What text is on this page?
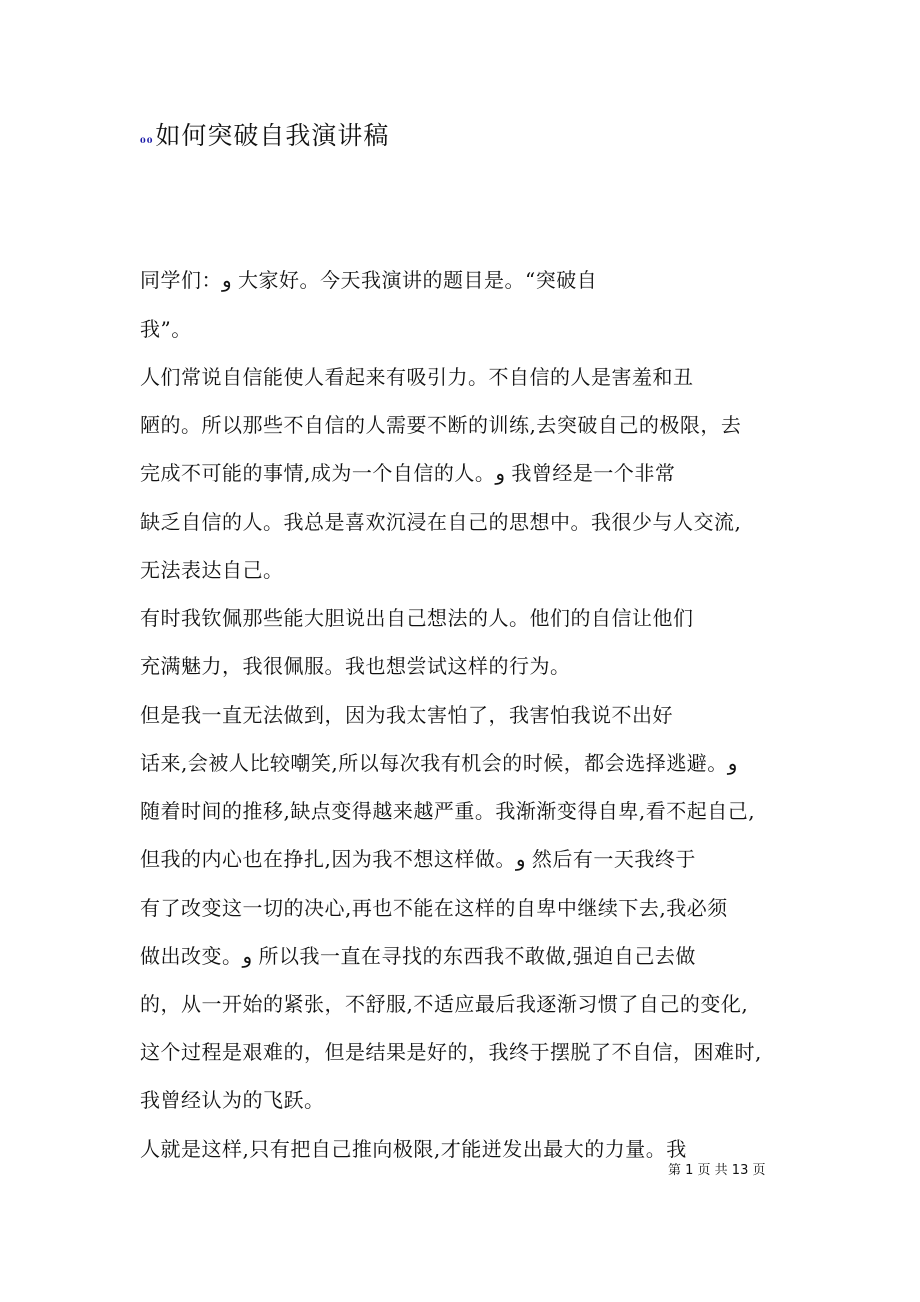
₀₀如何突破自我演讲稿
同学们：و 大家好。今天我演讲的题目是。“突破自
我”。
人们常说自信能使人看起来有吸引力。不自信的人是害羞和丑
陋的。所以那些不自信的人需要不断的训练,去突破自己的极限，去
完成不可能的事情,成为一个自信的人。و 我曾经是一个非常
缺乏自信的人。我总是喜欢沉浸在自己的思想中。我很少与人交流,
无法表达自己。
有时我钦佩那些能大胆说出自己想法的人。他们的自信让他们
充满魅力，我很佩服。我也想尝试这样的行为。
但是我一直无法做到，因为我太害怕了，我害怕我说不出好
话来,会被人比较嘲笑,所以每次我有机会的时候，都会选择逃避。و
随着时间的推移,缺点变得越来越严重。我渐渐变得自卑,看不起自己,
但我的内心也在挣扎,因为我不想这样做。و 然后有一天我终于
有了改变这一切的决心,再也不能在这样的自卑中继续下去,我必须
做出改变。و 所以我一直在寻找的东西我不敢做,强迫自己去做
的，从一开始的紧张，不舒服,不适应最后我逐渐习惯了自己的变化,
这个过程是艰难的，但是结果是好的，我终于摆脱了不自信，困难时,
我曾经认为的飞跃。
人就是这样,只有把自己推向极限,才能迸发出最大的力量。我
第 1 页 共 13 页
